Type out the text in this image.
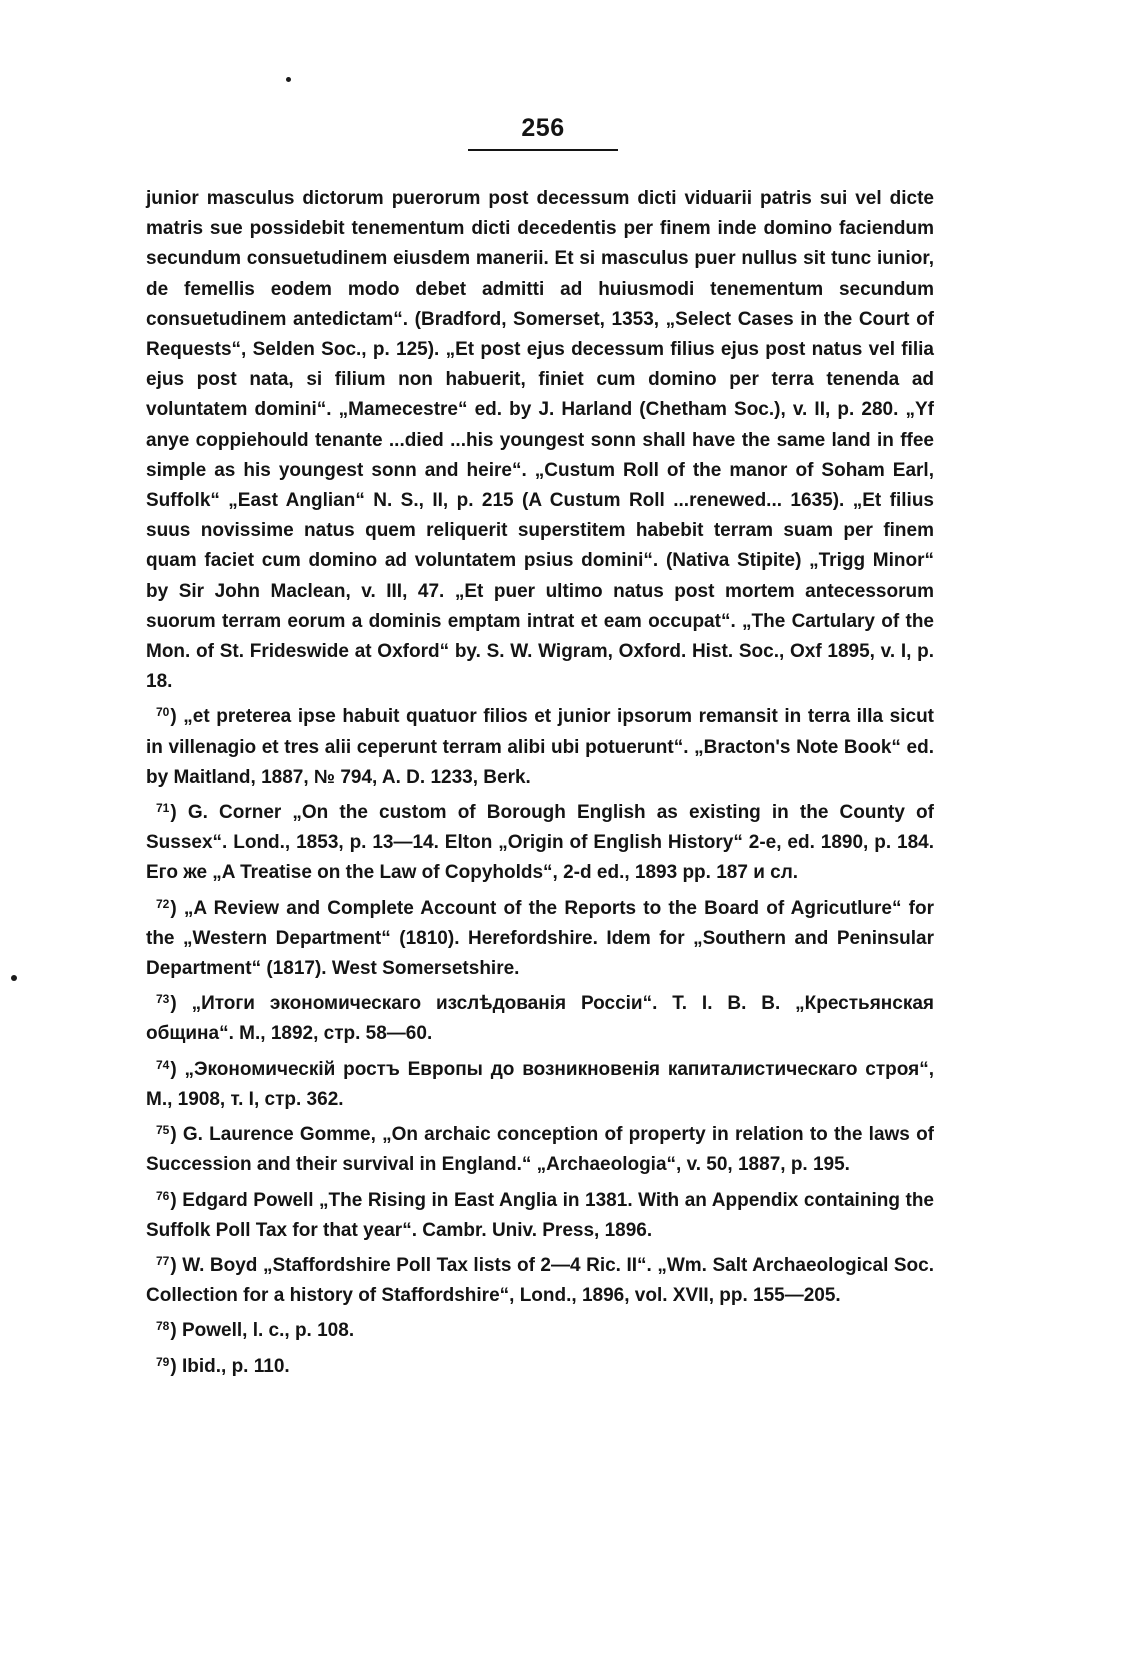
256

junior masculus dictorum puerorum post decessum dicti viduarii patris sui vel dicte matris sue possidebit tenementum dicti decedentis per finem inde domino faciendum secundum consuetudinem eiusdem manerii. Et si masculus puer nullus sit tunc iunior, de femellis eodem modo debet admitti ad huiusmodi tenementum secundum consuetudinem antedictam“. (Bradford, Somerset, 1353, „Select Cases in the Court of Requests“, Selden Soc., p. 125). „Et post ejus decessum filius ejus post natus vel filia ejus post nata, si filium non habuerit, finiet cum domino per terra tenenda ad voluntatem domini“. „Mamecestre“ ed. by J. Harland (Chetham Soc.), v. II, p. 280. „Yf anye coppiehould tenante ...died ...his youngest sonn shall have the same land in ffee simple as his youngest sonn and heire“. „Custum Roll of the manor of Soham Earl, Suffolk“ „East Anglian“ N. S., II, p. 215 (A Custum Roll ...renewed... 1635). „Et filius suus novissime natus quem reliquerit superstitem habebit terram suam per finem quam faciet cum domino ad voluntatem psius domini“. (Nativa Stipite) „Trigg Minor“ by Sir John Maclean, v. III, 47. „Et puer ultimo natus post mortem antecessorum suorum terram eorum a dominis emptam intrat et eam occupat“. „The Cartulary of the Mon. of St. Frideswide at Oxford“ by. S. W. Wigram, Oxford. Hist. Soc., Oxf 1895, v. I, p. 18.

$^{70}$) „et preterea ipse habuit quatuor filios et junior ipsorum remansit in terra illa sicut in villenagio et tres alii ceperunt terram alibi ubi potuerunt“. „Bracton's Note Book“ ed. by Maitland, 1887, № 794, A. D. 1233, Berk.

$^{71}$) G. Corner „On the custom of Borough English as existing in the County of Sussex“. Lond., 1853, p. 13—14. Elton „Origin of English History“ 2-e, ed. 1890, p. 184. Его же „A Treatise on the Law of Copyholds“, 2-d ed., 1893 pp. 187 и сл.

$^{72}$) „A Review and Complete Account of the Reports to the Board of Agricutlure“ for the „Western Department“ (1810). Herefordshire. Idem for „Southern and Peninsular Department“ (1817). West Somersetshire.

$^{73}$) „Итоги экономическаго изслѣдованія Россіи“. T. I. В. В. „Крестьянская община“. М., 1892, стр. 58—60.

$^{74}$) „Экономическій ростъ Европы до возникновенія капиталистическаго строя“, М., 1908, т. I, стр. 362.

$^{75}$) G. Laurence Gomme, „On archaic conception of property in relation to the laws of Succession and their survival in England.“ „Archaeologia“, v. 50, 1887, p. 195.

$^{76}$) Edgard Powell „The Rising in East Anglia in 1381. With an Appendix containing the Suffolk Poll Tax for that year“. Cambr. Univ. Press, 1896.

$^{77}$) W. Boyd „Staffordshire Poll Tax lists of 2—4 Ric. II“. „Wm. Salt Archaeological Soc. Collection for a history of Staffordshire“, Lond., 1896, vol. XVII, pp. 155—205.

$^{78}$) Powell, l. c., p. 108.

$^{79}$) Ibid., p. 110.
